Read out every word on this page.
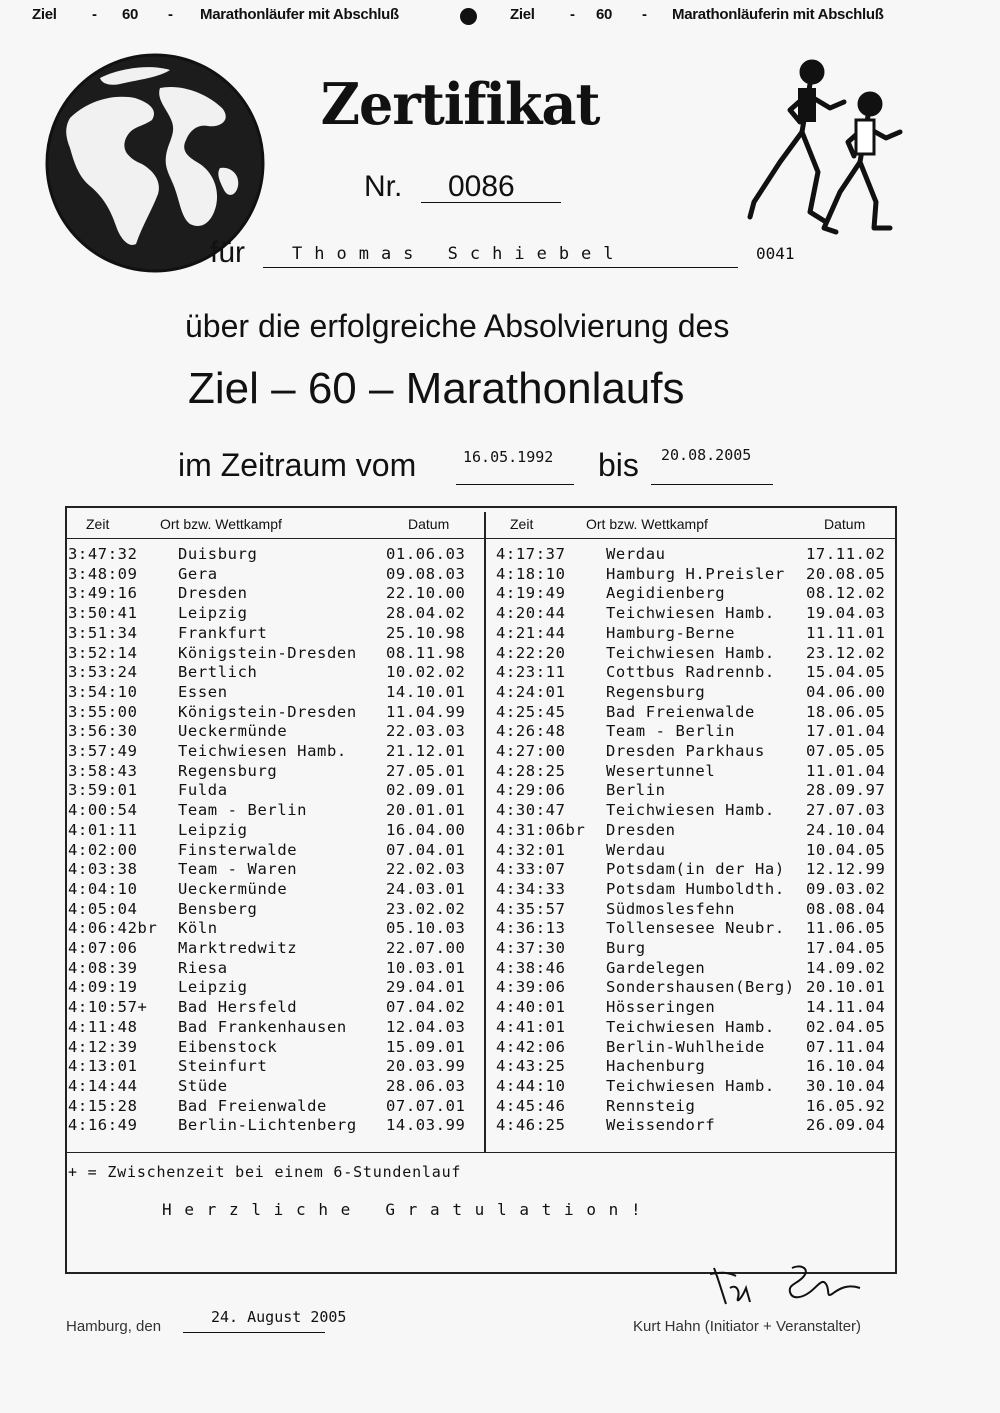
Ziel - 60 - Marathonläufer mit Abschluß	Ziel - 60 - Marathonläuferin mit Abschluß
Zertifikat
Nr. 0086
für	Thomas Schiebel	0041
über die erfolgreiche Absolvierung des
Ziel – 60 – Marathonlaufs
im Zeitraum vom	16.05.1992 bis 20.08.2005
Zeit	Ort bzw. Wettkampf	Datum	Zeit	Ort bzw. Wettkampf	Datum
3:47:32	Duisburg	01.06.03
3:48:09	Gera	09.08.03
3:49:16	Dresden	22.10.00
3:50:41	Leipzig	28.04.02
3:51:34	Frankfurt	25.10.98
3:52:14	Königstein-Dresden 08.11.98
3:53:24	Bertlich	10.02.02
3:54:10	Essen	14.10.01
3:55:00	Königstein-Dresden 11.04.99
3:56:30	Ueckermünde	22.03.03
3:57:49	Teichwiesen Hamb.	21.12.01
3:58:43	Regensburg	27.05.01
3:59:01	Fulda	02.09.01
4:00:54	Team - Berlin	20.01.01
4:01:11	Leipzig	16.04.00
4:02:00	Finsterwalde	07.04.01
4:03:38	Team - Waren	22.02.03
4:04:10	Ueckermünde	24.03.01
4:05:04	Bensberg	23.02.02
4:06:42br Köln	05.10.03
4:07:06	Marktredwitz	22.07.00
4:08:39	Riesa	10.03.01
4:09:19	Leipzig	29.04.01
4:10:57+ Bad Hersfeld	07.04.02
4:11:48	Bad Frankenhausen	12.04.03
4:12:39	Eibenstock	15.09.01
4:13:01	Steinfurt	20.03.99
4:14:44	Stüde	28.06.03
4:15:28	Bad Freienwalde	07.07.01
4:16:49	Berlin-Lichtenberg 14.03.99
4:17:37	Werdau	17.11.02
4:18:10	Hamburg H.Preisler 20.08.05
4:19:49	Aegidienberg	08.12.02
4:20:44	Teichwiesen Hamb. 19.04.03
4:21:44	Hamburg-Berne	11.11.01
4:22:20	Teichwiesen Hamb. 23.12.02
4:23:11	Cottbus Radrennb. 15.04.05
4:24:01	Regensburg	04.06.00
4:25:45	Bad Freienwalde	18.06.05
4:26:48	Team - Berlin	17.01.04
4:27:00	Dresden Parkhaus	07.05.05
4:28:25	Wesertunnel	11.01.04
4:29:06	Berlin	28.09.97
4:30:47	Teichwiesen Hamb. 27.07.03
4:31:06br Dresden	24.10.04
4:32:01	Werdau	10.04.05
4:33:07	Potsdam(in der Ha) 12.12.99
4:34:33	Potsdam Humboldth. 09.03.02
4:35:57	Südmoslesfehn	08.08.04
4:36:13	Tollensesee Neubr. 11.06.05
4:37:30	Burg	17.04.05
4:38:46	Gardelegen	14.09.02
4:39:06	Sondershausen(Berg) 20.10.01
4:40:01	Hösseringen	14.11.04
4:41:01	Teichwiesen Hamb. 02.04.05
4:42:06	Berlin-Wuhlheide	07.11.04
4:43:25	Hachenburg	16.10.04
4:44:10	Teichwiesen Hamb. 30.10.04
4:45:46	Rennsteig	16.05.92
4:46:25	Weissendorf	26.09.04
+ = Zwischenzeit bei einem 6-Stundenlauf
Herzliche Gratulation!
Hamburg, den
24. August 2005
Kurt Hahn (Initiator + Veranstalter)
